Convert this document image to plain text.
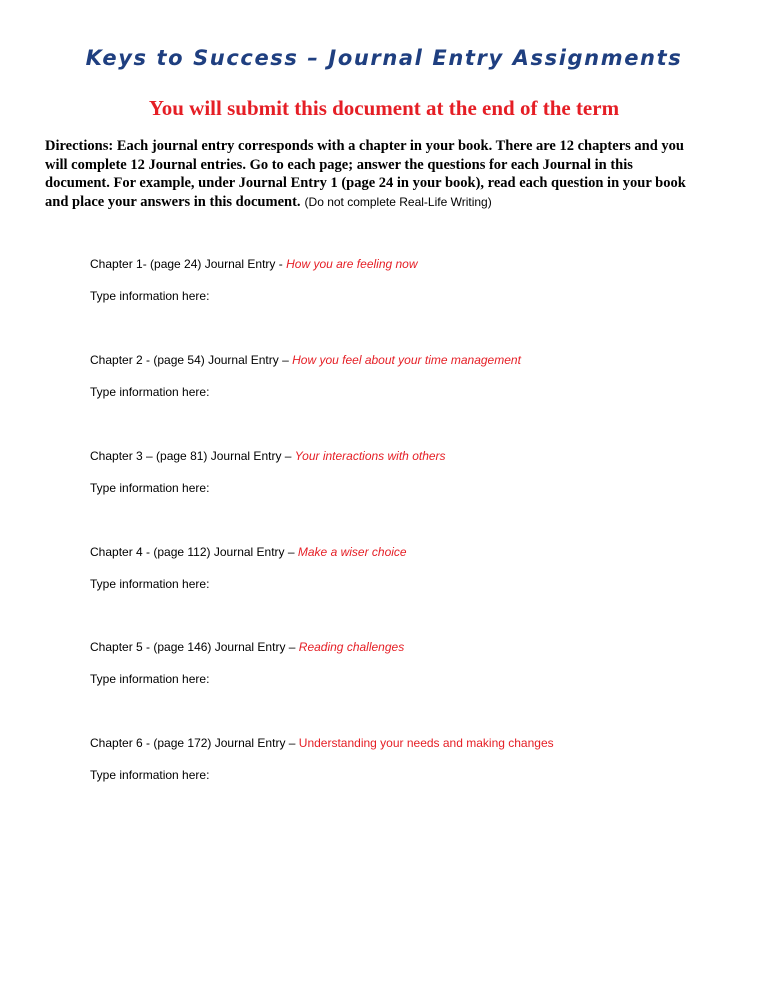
Keys to Success – Journal Entry Assignments
You will submit this document at the end of the term
Directions: Each journal entry corresponds with a chapter in your book. There are 12 chapters and you
will complete 12 Journal entries. Go to each page; answer the questions for each Journal in this
document. For example, under Journal Entry 1 (page 24 in your book), read each question in your book
and place your answers in this document. (Do not complete Real-Life Writing)
Chapter 1- (page 24) Journal Entry - How you are feeling now
Type information here:
Chapter 2 - (page 54) Journal Entry – How you feel about your time management
Type information here:
Chapter 3 – (page 81) Journal Entry – Your interactions with others
Type information here:
Chapter 4 - (page 112) Journal Entry – Make a wiser choice
Type information here:
Chapter 5 - (page 146) Journal Entry – Reading challenges
Type information here:
Chapter 6 - (page 172) Journal Entry – Understanding your needs and making changes
Type information here:
